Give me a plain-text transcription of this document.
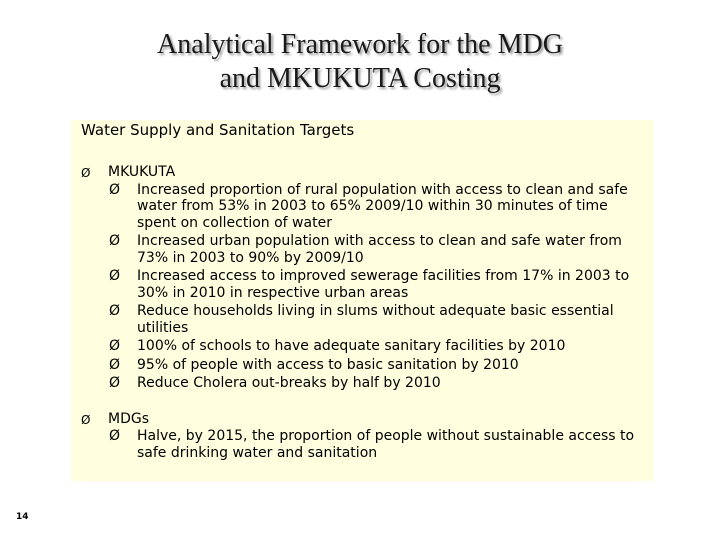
Analytical Framework for the MDG
and MKUKUTA Costing
Water Supply and Sanitation Targets
Ø MKUKUTA
Ø Increased proportion of rural population with access to clean and safe water from 53% in 2003 to 65% 2009/10 within 30 minutes of time spent on collection of water
Ø Increased urban population with access to clean and safe water from 73% in 2003 to 90% by 2009/10
Ø Increased access to improved sewerage facilities from 17% in 2003 to 30% in 2010 in respective urban areas
Ø Reduce households living in slums without adequate basic essential utilities
Ø 100% of schools to have adequate sanitary facilities by 2010
Ø 95% of people with access to basic sanitation by 2010
Ø Reduce Cholera out-breaks by half by 2010
Ø MDGs
Ø Halve, by 2015, the proportion of people without sustainable access to safe drinking water and sanitation
14
